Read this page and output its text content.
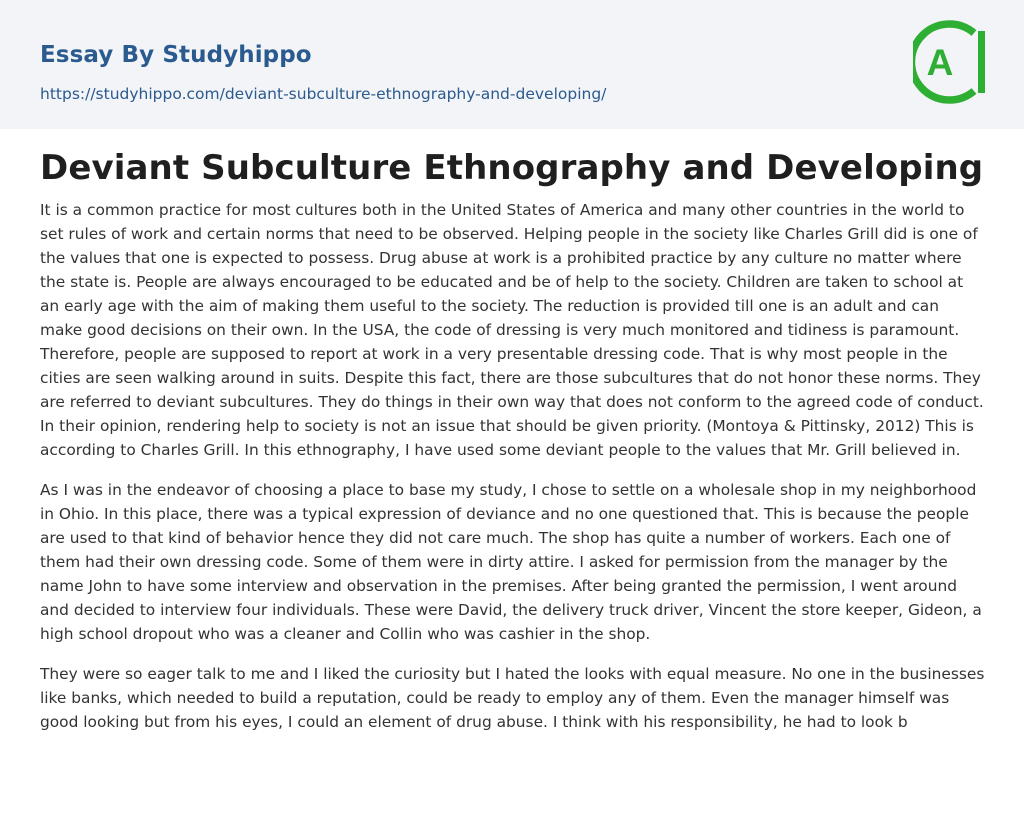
Essay By Studyhippo
https://studyhippo.com/deviant-subculture-ethnography-and-developing/
A
Deviant Subculture Ethnography and Developing

It is a common practice for most cultures both in the United States of America and many other countries in the world to set rules of work and certain norms that need to be observed. Helping people in the society like Charles Grill did is one of the values that one is expected to possess. Drug abuse at work is a prohibited practice by any culture no matter where the state is. People are always encouraged to be educated and be of help to the society. Children are taken to school at an early age with the aim of making them useful to the society. The reduction is provided till one is an adult and can make good decisions on their own. In the USA, the code of dressing is very much monitored and tidiness is paramount. Therefore, people are supposed to report at work in a very presentable dressing code. That is why most people in the cities are seen walking around in suits. Despite this fact, there are those subcultures that do not honor these norms. They are referred to deviant subcultures. They do things in their own way that does not conform to the agreed code of conduct. In their opinion, rendering help to society is not an issue that should be given priority. (Montoya & Pittinsky, 2012) This is according to Charles Grill. In this ethnography, I have used some deviant people to the values that Mr. Grill believed in.

As I was in the endeavor of choosing a place to base my study, I chose to settle on a wholesale shop in my neighborhood in Ohio. In this place, there was a typical expression of deviance and no one questioned that. This is because the people are used to that kind of behavior hence they did not care much. The shop has quite a number of workers. Each one of them had their own dressing code. Some of them were in dirty attire. I asked for permission from the manager by the name John to have some interview and observation in the premises. After being granted the permission, I went around and decided to interview four individuals. These were David, the delivery truck driver, Vincent the store keeper, Gideon, a high school dropout who was a cleaner and Collin who was cashier in the shop.

They were so eager talk to me and I liked the curiosity but I hated the looks with equal measure. No one in the businesses like banks, which needed to build a reputation, could be ready to employ any of them. Even the manager himself was good looking but from his eyes, I could an element of drug abuse. I think with his responsibility, he had to look b
